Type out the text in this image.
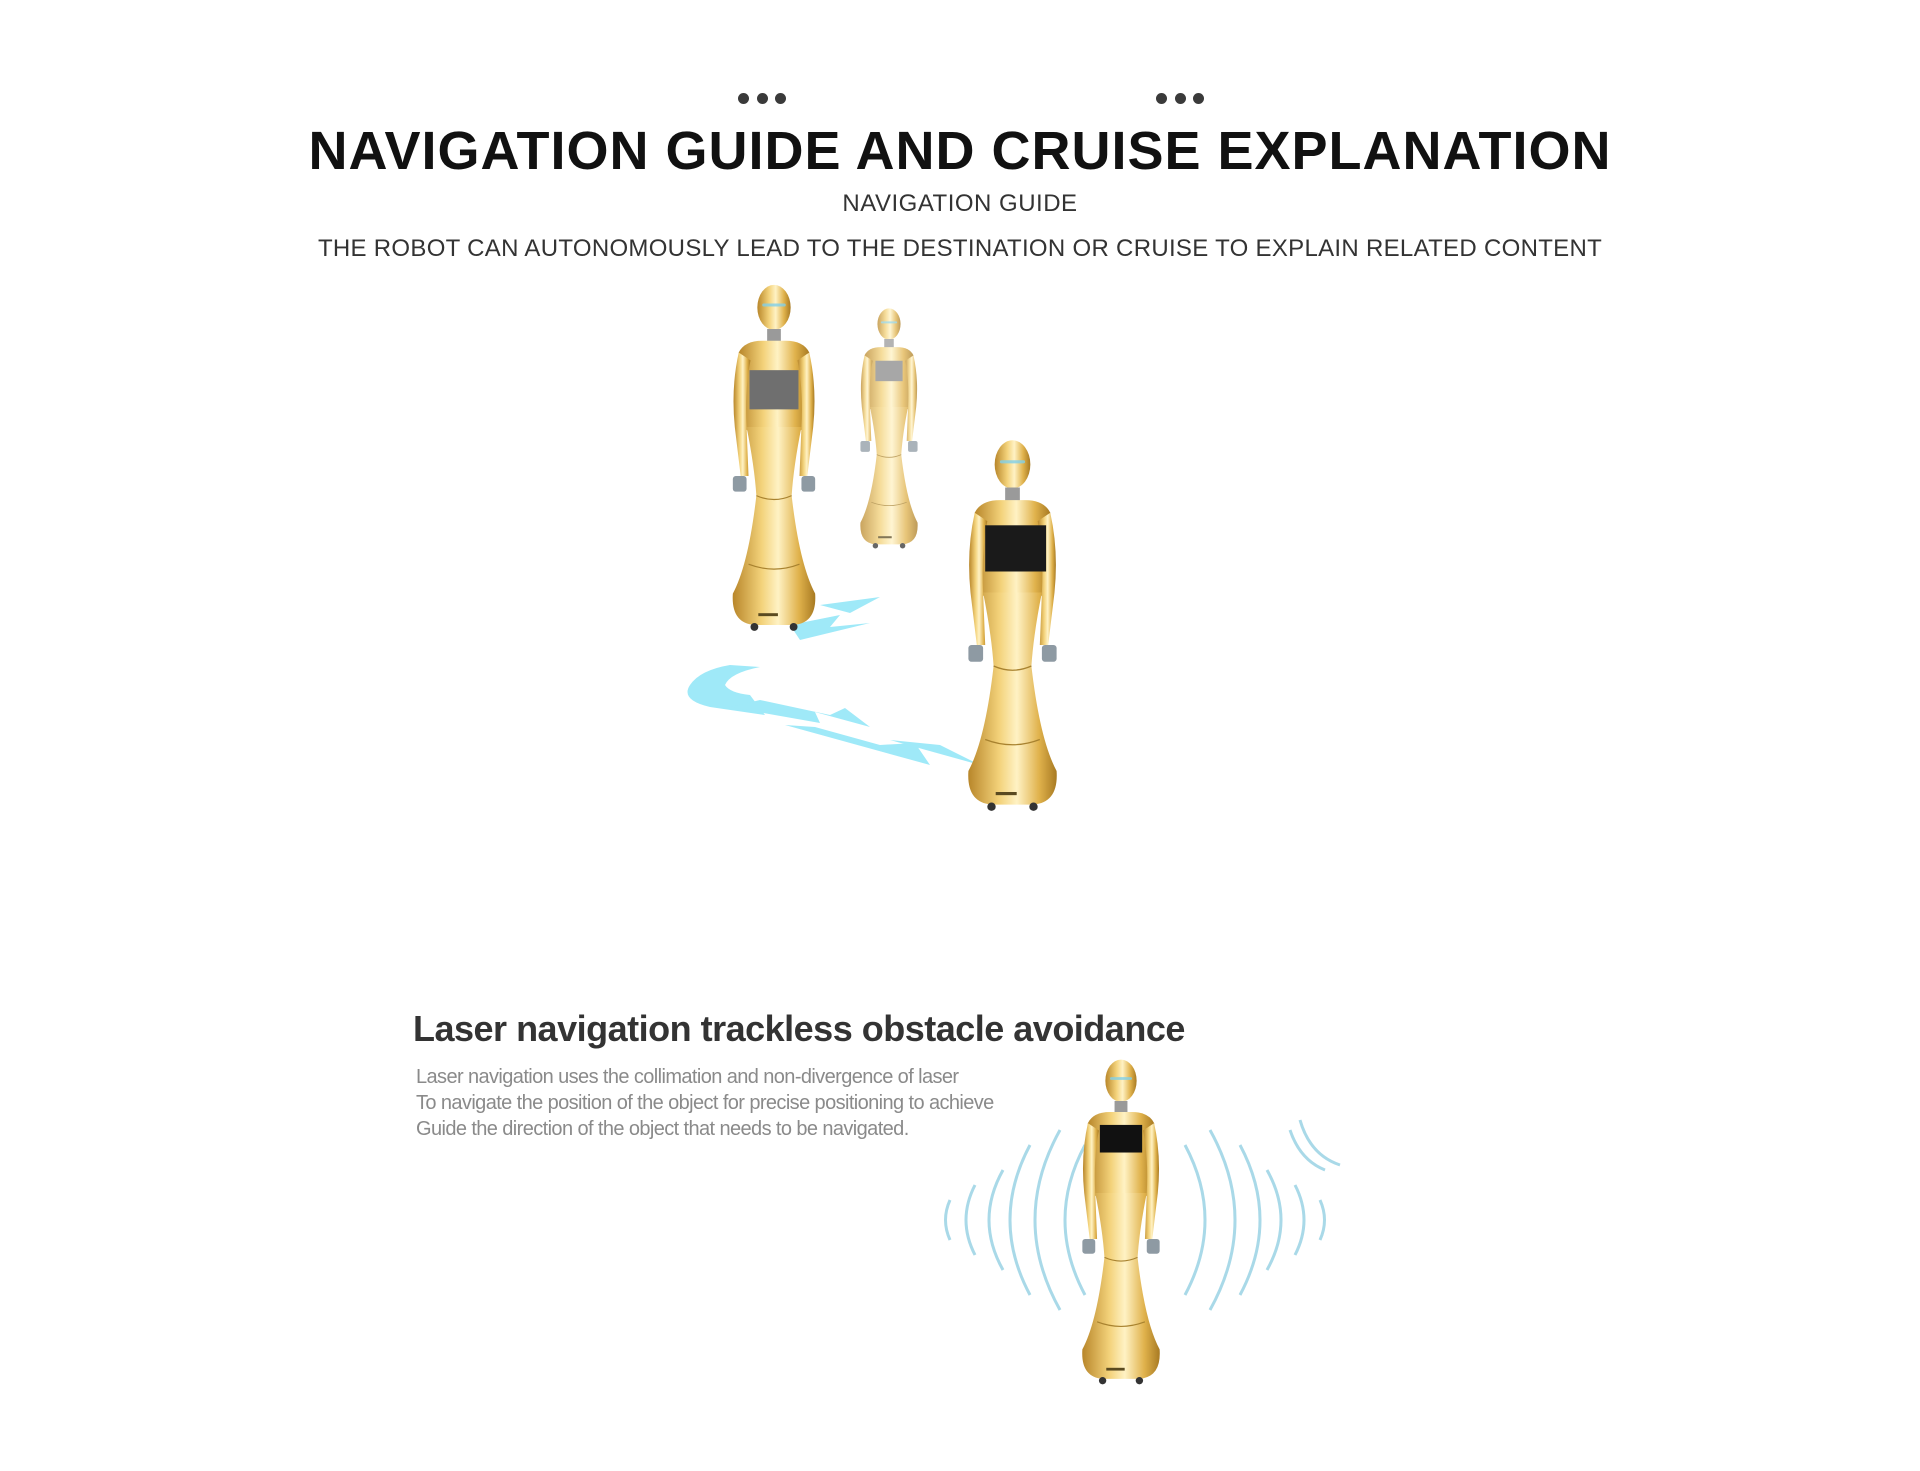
NAVIGATION GUIDE AND CRUISE EXPLANATION
NAVIGATION GUIDE
THE ROBOT CAN AUTONOMOUSLY LEAD TO THE DESTINATION OR CRUISE TO EXPLAIN RELATED CONTENT
Laser navigation trackless obstacle avoidance
Laser navigation uses the collimation and non-divergence of laser
To navigate the position of the object for precise positioning to achieve
Guide the direction of the object that needs to be navigated.
